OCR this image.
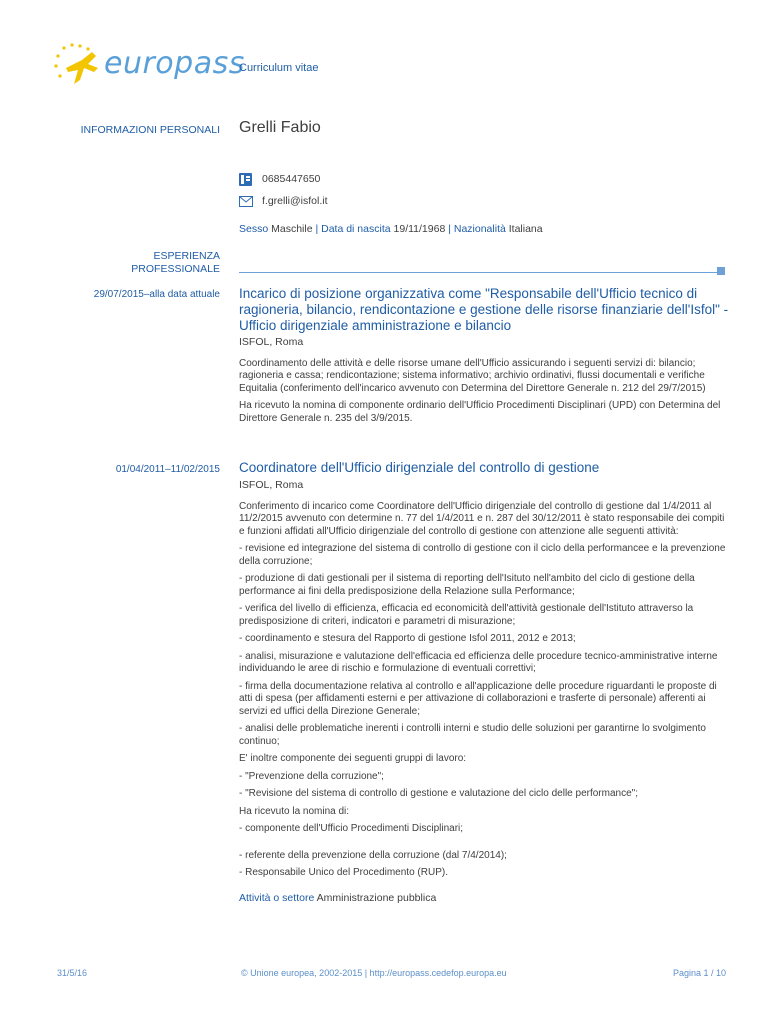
europass
Curriculum vitae
INFORMAZIONI PERSONALI Grelli Fabio
0685447650
f.grelli@isfol.it
Sesso Maschile | Data di nascita 19/11/1968 | Nazionalità Italiana
ESPERIENZA
PROFESSIONALE
29/07/2015–alla data attuale Incarico di posizione organizzativa come "Responsabile dell'Ufficio tecnico di ragioneria, bilancio, rendicontazione e gestione delle risorse finanziarie dell'Isfol" - Ufficio dirigenziale amministrazione e bilancio
ISFOL, Roma

Coordinamento delle attività e delle risorse umane dell'Ufficio assicurando i seguenti servizi di: bilancio; ragioneria e cassa; rendicontazione; sistema informativo; archivio ordinativi, flussi documentali e verifiche Equitalia (conferimento dell'incarico avvenuto con Determina del Direttore Generale n. 212 del 29/7/2015)

Ha ricevuto la nomina di componente ordinario dell'Ufficio Procedimenti Disciplinari (UPD) con Determina del Direttore Generale n. 235 del 3/9/2015.

01/04/2011–11/02/2015 Coordinatore dell'Ufficio dirigenziale del controllo di gestione
ISFOL, Roma

Conferimento di incarico come Coordinatore dell'Ufficio dirigenziale del controllo di gestione dal 1/4/2011 al 11/2/2015 avvenuto con determine n. 77 del 1/4/2011 e n. 287 del 30/12/2011 è stato responsabile dei compiti e funzioni affidati all'Ufficio dirigenziale del controllo di gestione con attenzione alle seguenti attività:

- revisione ed integrazione del sistema di controllo di gestione con il ciclo della performancee e la prevenzione della corruzione;

- produzione di dati gestionali per il sistema di reporting dell'Isituto nell'ambito del ciclo di gestione della performance ai fini della predisposizione della Relazione sulla Performance;

- verifica del livello di efficienza, efficacia ed economicità dell'attività gestionale dell'Istituto attraverso la predisposizione di criteri, indicatori e parametri di misurazione;

- coordinamento e stesura del Rapporto di gestione Isfol 2011, 2012 e 2013;

- analisi, misurazione e valutazione dell'efficacia ed efficienza delle procedure tecnico-amministrative interne individuando le aree di rischio e formulazione di eventuali correttivi;

- firma della documentazione relativa al controllo e all'applicazione delle procedure riguardanti le proposte di atti di spesa (per affidamenti esterni e per attivazione di collaborazioni e trasferte di personale) afferenti ai servizi ed uffici della Direzione Generale;

- analisi delle problematiche inerenti i controlli interni e studio delle soluzioni per garantirne lo svolgimento continuo;

E' inoltre componente dei seguenti gruppi di lavoro:

- "Prevenzione della corruzione";

- "Revisione del sistema di controllo di gestione e valutazione del ciclo delle performance";

Ha ricevuto la nomina di:

- componente dell'Ufficio Procedimenti Disciplinari;

- referente della prevenzione della corruzione (dal 7/4/2014);

- Responsabile Unico del Procedimento (RUP).

Attività o settore Amministrazione pubblica
31/5/16	© Unione europea, 2002-2015 | http://europass.cedefop.europa.eu	Pagina 1 / 10
